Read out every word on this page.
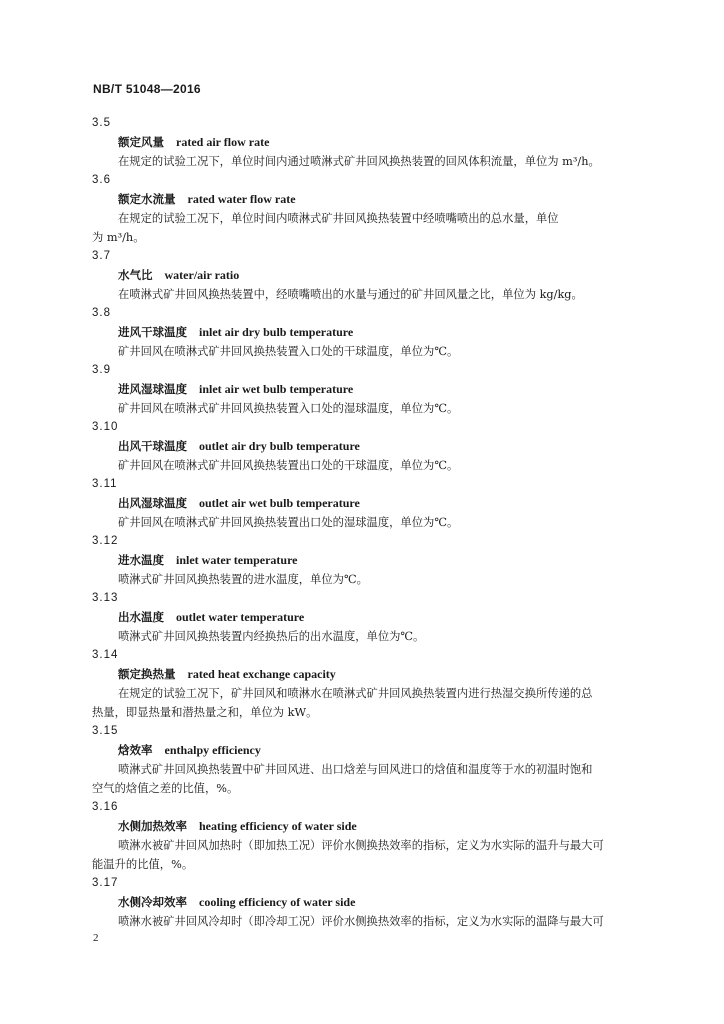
NB/T 51048—2016
3.5
额定风量 rated air flow rate
在规定的试验工况下，单位时间内通过喷淋式矿井回风换热装置的回风体积流量，单位为 m³/h。
3.6
额定水流量 rated water flow rate
在规定的试验工况下，单位时间内喷淋式矿井回风换热装置中经喷嘴喷出的总水量，单位
为 m³/h。
3.7
水气比 water/air ratio
在喷淋式矿井回风换热装置中，经喷嘴喷出的水量与通过的矿井回风量之比，单位为 kg/kg。
3.8
进风干球温度 inlet air dry bulb temperature
矿井回风在喷淋式矿井回风换热装置入口处的干球温度，单位为℃。
3.9
进风湿球温度 inlet air wet bulb temperature
矿井回风在喷淋式矿井回风换热装置入口处的湿球温度，单位为℃。
3.10
出风干球温度 outlet air dry bulb temperature
矿井回风在喷淋式矿井回风换热装置出口处的干球温度，单位为℃。
3.11
出风湿球温度 outlet air wet bulb temperature
矿井回风在喷淋式矿井回风换热装置出口处的湿球温度，单位为℃。
3.12
进水温度 inlet water temperature
喷淋式矿井回风换热装置的进水温度，单位为℃。
3.13
出水温度 outlet water temperature
喷淋式矿井回风换热装置内经换热后的出水温度，单位为℃。
3.14
额定换热量 rated heat exchange capacity
在规定的试验工况下，矿井回风和喷淋水在喷淋式矿井回风换热装置内进行热湿交换所传递的总
热量，即显热量和潜热量之和，单位为 kW。
3.15
焓效率 enthalpy efficiency
喷淋式矿井回风换热装置中矿井回风进、出口焓差与回风进口的焓值和温度等于水的初温时饱和
空气的焓值之差的比值，%。
3.16
水侧加热效率 heating efficiency of water side
喷淋水被矿井回风加热时（即加热工况）评价水侧换热效率的指标，定义为水实际的温升与最大可
能温升的比值，%。
3.17
水侧冷却效率 cooling efficiency of water side
喷淋水被矿井回风冷却时（即冷却工况）评价水侧换热效率的指标，定义为水实际的温降与最大可
2
